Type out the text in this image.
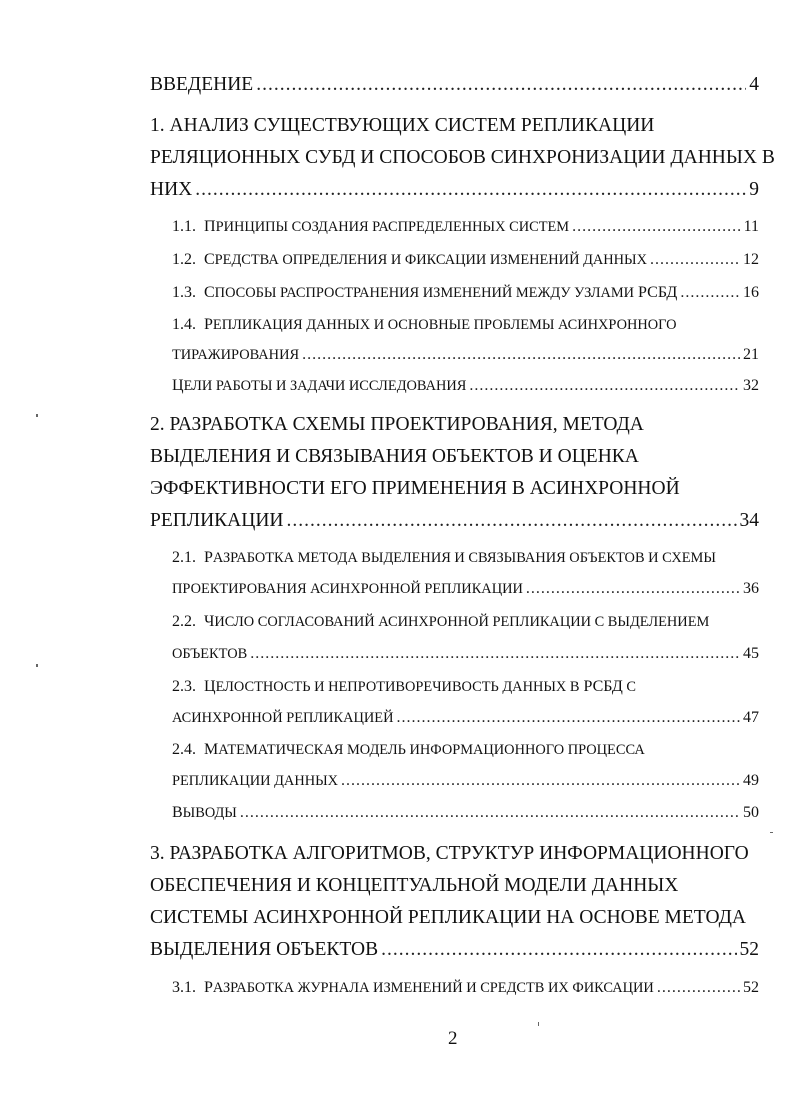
ВВЕДЕНИЕ .....	4
1. АНАЛИЗ СУЩЕСТВУЮЩИХ СИСТЕМ РЕПЛИКАЦИИ
РЕЛЯЦИОННЫХ СУБД И СПОСОБОВ СИНХРОНИЗАЦИИ ДАННЫХ В
НИХ .....	9
1.1. ПРИНЦИПЫ СОЗДАНИЯ РАСПРЕДЕЛЕННЫХ СИСТЕМ .....	11
1.2. СРЕДСТВА ОПРЕДЕЛЕНИЯ И ФИКСАЦИИ ИЗМЕНЕНИЙ ДАННЫХ .....	12
1.3. СПОСОБЫ РАСПРОСТРАНЕНИЯ ИЗМЕНЕНИЙ МЕЖДУ УЗЛАМИ РСБД .....	16
1.4. РЕПЛИКАЦИЯ ДАННЫХ И ОСНОВНЫЕ ПРОБЛЕМЫ АСИНХРОННОГО
ТИРАЖИРОВАНИЯ .....	21
ЦЕЛИ РАБОТЫ И ЗАДАЧИ ИССЛЕДОВАНИЯ .....	32
2. РАЗРАБОТКА СХЕМЫ ПРОЕКТИРОВАНИЯ, МЕТОДА
ВЫДЕЛЕНИЯ И СВЯЗЫВАНИЯ ОБЪЕКТОВ И ОЦЕНКА
ЭФФЕКТИВНОСТИ ЕГО ПРИМЕНЕНИЯ В АСИНХРОННОЙ
РЕПЛИКАЦИИ .....	34
2.1. РАЗРАБОТКА МЕТОДА ВЫДЕЛЕНИЯ И СВЯЗЫВАНИЯ ОБЪЕКТОВ И СХЕМЫ
ПРОЕКТИРОВАНИЯ АСИНХРОННОЙ РЕПЛИКАЦИИ .....	36
2.2. ЧИСЛО СОГЛАСОВАНИЙ АСИНХРОННОЙ РЕПЛИКАЦИИ С ВЫДЕЛЕНИЕМ
ОБЪЕКТОВ .....	45
2.3. ЦЕЛОСТНОСТЬ И НЕПРОТИВОРЕЧИВОСТЬ ДАННЫХ В РСБД С
АСИНХРОННОЙ РЕПЛИКАЦИЕЙ .....	47
2.4. МАТЕМАТИЧЕСКАЯ МОДЕЛЬ ИНФОРМАЦИОННОГО ПРОЦЕССА
РЕПЛИКАЦИИ ДАННЫХ .....	49
ВЫВОДЫ .....	50
3. РАЗРАБОТКА АЛГОРИТМОВ, СТРУКТУР ИНФОРМАЦИОННОГО
ОБЕСПЕЧЕНИЯ И КОНЦЕПТУАЛЬНОЙ МОДЕЛИ ДАННЫХ
СИСТЕМЫ АСИНХРОННОЙ РЕПЛИКАЦИИ НА ОСНОВЕ МЕТОДА
ВЫДЕЛЕНИЯ ОБЪЕКТОВ .....	52
3.1. РАЗРАБОТКА ЖУРНАЛА ИЗМЕНЕНИЙ И СРЕДСТВ ИХ ФИКСАЦИИ .....	52
2
